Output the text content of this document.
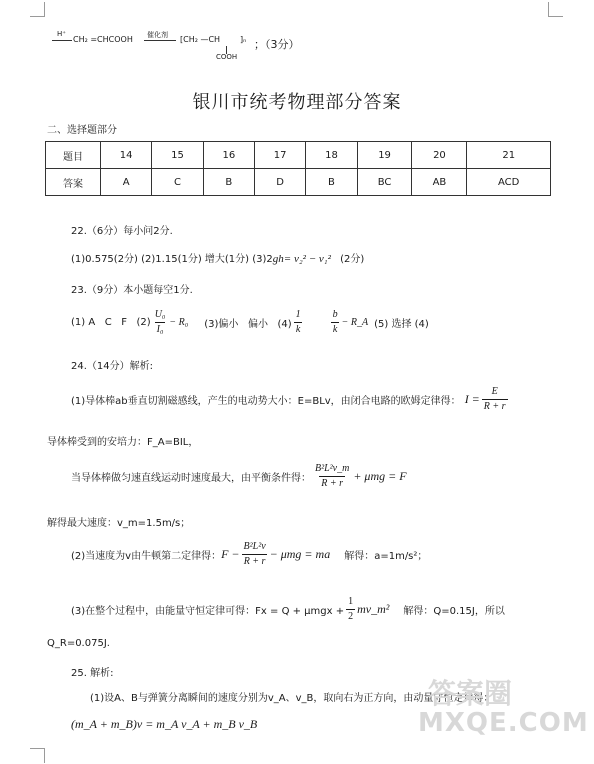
H⁺
CH₂ =CHCOOH 催化剂 [CH₂ —CH ]ₙ
COOH
；（3分）
银川市统考物理部分答案
二、选择题部分
题目	14	15	16	17	18	19	20	21
答案	A	C	B	D	B	BC	AB	ACD
22.（6分）每小问2分.
(1)0.575(2分) (2)1.15(1分) 增大(1分) (3)2gh= v₂² − v₁² (2分)
23.（9分）本小题每空1分.
(1) A   C   F   $(2) \frac{\text{U₀}}{\text{I₀}} - R_0$ (3)偏小   偏小   $(4) \frac{1}{k}$	$\frac{b}{k}$ − R_A (5) 选择 (4)
24.（14分）解析:
(1)导体棒ab垂直切割磁感线，产生的电动势大小：E=BLv，由闭合电路的欧姆定律得： $I = \frac{E}{R + r}$
导体棒受到的安培力：F_A=BIL，
当导体棒做匀速直线运动时速度最大，由平衡条件得： $\frac{\text{B²L²v\_m}}{R + r} + \mu mg = F$
解得最大速度：v_m=1.5m/s；
(2)当速度为v由牛顿第二定律得： $F - \frac{\text{B²L²v}}{R + r} - \mu mg$ = ma 解得：a=1m/s²；
(3)在整个过程中，由能量守恒定律可得：$Fx = Q + \mu mgx + \frac{1}{2}$ mv_m² 解得：Q=0.15J，所以
Q_R=0.075J.
25. 解析:
(1)设A、B与弹簧分离瞬间的速度分别为v_A、v_B，取向右为正方向，由动量守恒定律得：
(m_A + m_B)v = m_A v_A + m_B v_B
答案圈
MXQE.COM
